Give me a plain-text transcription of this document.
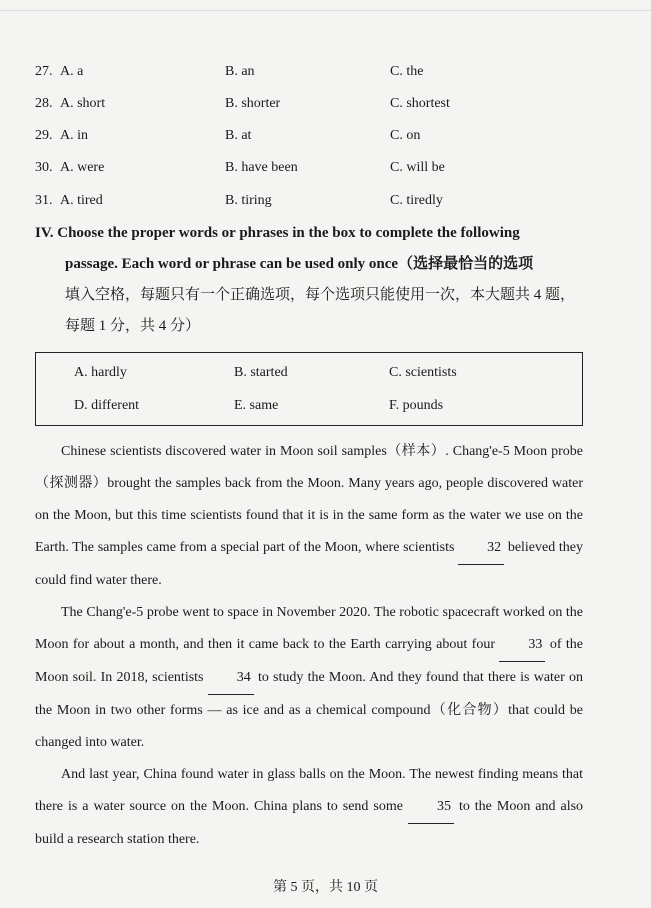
27. A. a	B. an	C. the
28. A. short	B. shorter	C. shortest
29. A. in	B. at	C. on
30. A. were	B. have been	C. will be
31. A. tired	B. tiring	C. tiredly
IV. Choose the proper words or phrases in the box to complete the following
passage. Each word or phrase can be used only once（选择最恰当的选项
填入空格，每题只有一个正确选项，每个选项只能使用一次，本大题共 4 题，
每题 1 分，共 4 分）
A. hardly	B. started	C. scientists
D. different	E. same	F. pounds

Chinese scientists discovered water in Moon soil samples（样本）. Chang'e-5 Moon probe（探测器）brought the samples back from the Moon. Many years ago, people discovered water on the Moon, but this time scientists found that it is in the same form as the water we use on the Earth. The samples came from a special part of the Moon, where scientists 32 believed they could find water there.

The Chang'e-5 probe went to space in November 2020. The robotic spacecraft worked on the Moon for about a month, and then it came back to the Earth carrying about four 33 of the Moon soil. In 2018, scientists 34 to study the Moon. And they found that there is water on the Moon in two other forms — as ice and as a chemical compound（化合物）that could be changed into water.

And last year, China found water in glass balls on the Moon. The newest finding means that there is a water source on the Moon. China plans to send some 35 to the Moon and also build a research station there.

第 5 页，共 10 页
